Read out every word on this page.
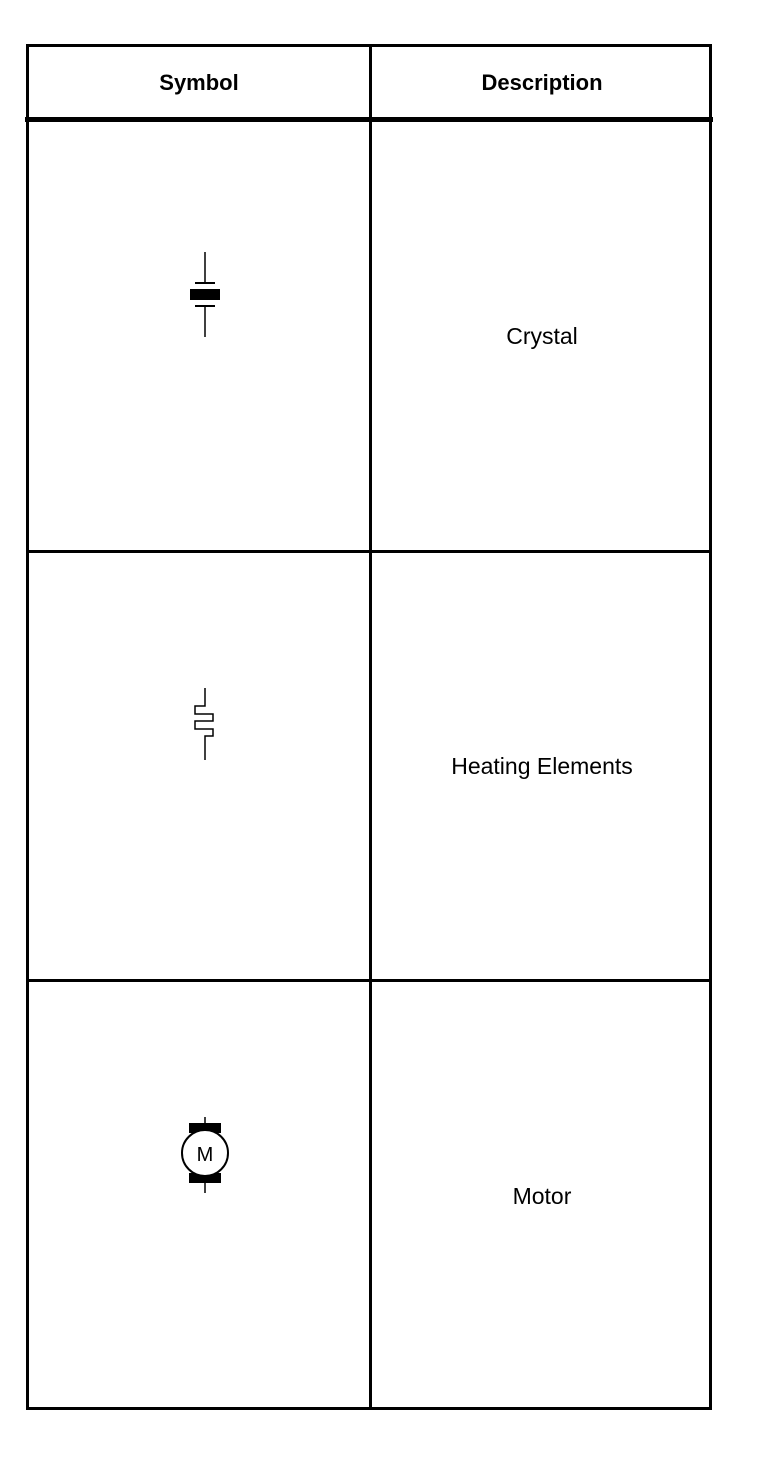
Symbol	Description
Crystal
Heating Elements
M
Motor
